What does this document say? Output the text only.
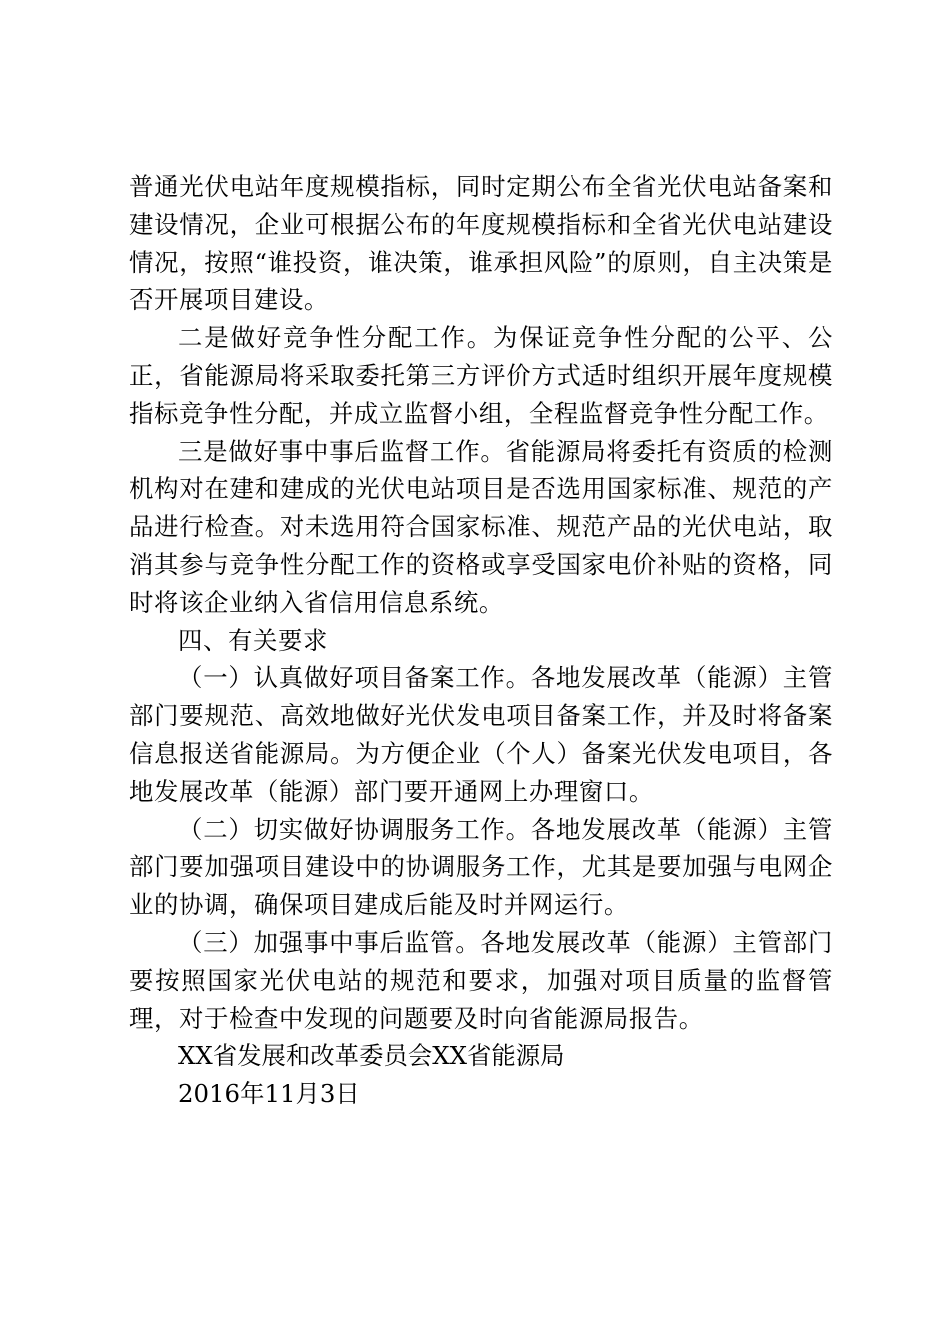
普通光伏电站年度规模指标，同时定期公布全省光伏电站备案和建设情况，企业可根据公布的年度规模指标和全省光伏电站建设情况，按照“谁投资，谁决策，谁承担风险”的原则，自主决策是否开展项目建设。

二是做好竞争性分配工作。为保证竞争性分配的公平、公正，省能源局将采取委托第三方评价方式适时组织开展年度规模指标竞争性分配，并成立监督小组，全程监督竞争性分配工作。

三是做好事中事后监督工作。省能源局将委托有资质的检测机构对在建和建成的光伏电站项目是否选用国家标准、规范的产品进行检查。对未选用符合国家标准、规范产品的光伏电站，取消其参与竞争性分配工作的资格或享受国家电价补贴的资格，同时将该企业纳入省信用信息系统。

四、有关要求

（一）认真做好项目备案工作。各地发展改革（能源）主管部门要规范、高效地做好光伏发电项目备案工作，并及时将备案信息报送省能源局。为方便企业（个人）备案光伏发电项目，各地发展改革（能源）部门要开通网上办理窗口。

（二）切实做好协调服务工作。各地发展改革（能源）主管部门要加强项目建设中的协调服务工作，尤其是要加强与电网企业的协调，确保项目建成后能及时并网运行。

（三）加强事中事后监管。各地发展改革（能源）主管部门要按照国家光伏电站的规范和要求，加强对项目质量的监督管理，对于检查中发现的问题要及时向省能源局报告。

XX省发展和改革委员会XX省能源局

2016年11月3日
